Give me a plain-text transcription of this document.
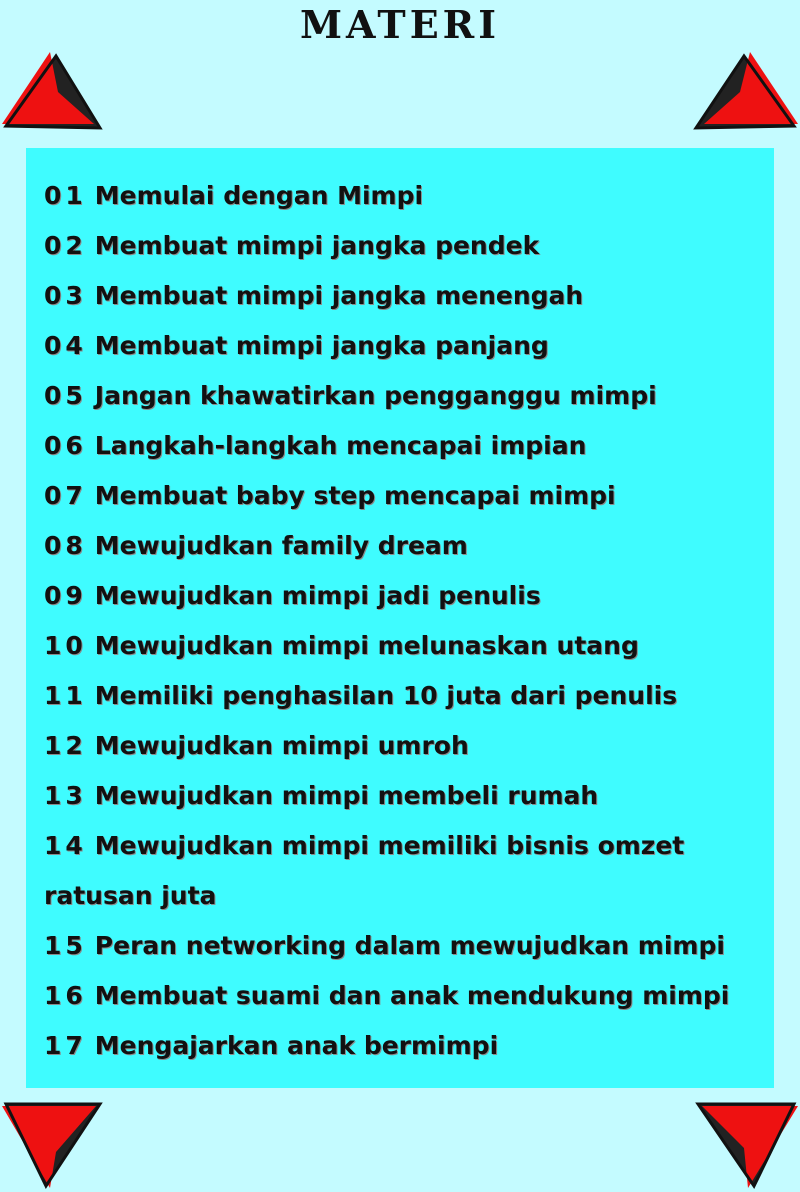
MATERI
01 Memulai dengan Mimpi
02 Membuat mimpi jangka pendek
03 Membuat mimpi jangka menengah
04 Membuat mimpi jangka panjang
05 Jangan khawatirkan pengganggu mimpi
06 Langkah-langkah mencapai impian
07 Membuat baby step mencapai mimpi
08 Mewujudkan family dream
09 Mewujudkan mimpi jadi penulis
10 Mewujudkan mimpi melunaskan utang
11 Memiliki penghasilan 10 juta dari penulis
12 Mewujudkan mimpi umroh
13 Mewujudkan mimpi membeli rumah
14 Mewujudkan mimpi memiliki bisnis omzet
ratusan juta
15 Peran networking dalam mewujudkan mimpi
16 Membuat suami dan anak mendukung mimpi
17 Mengajarkan anak bermimpi
